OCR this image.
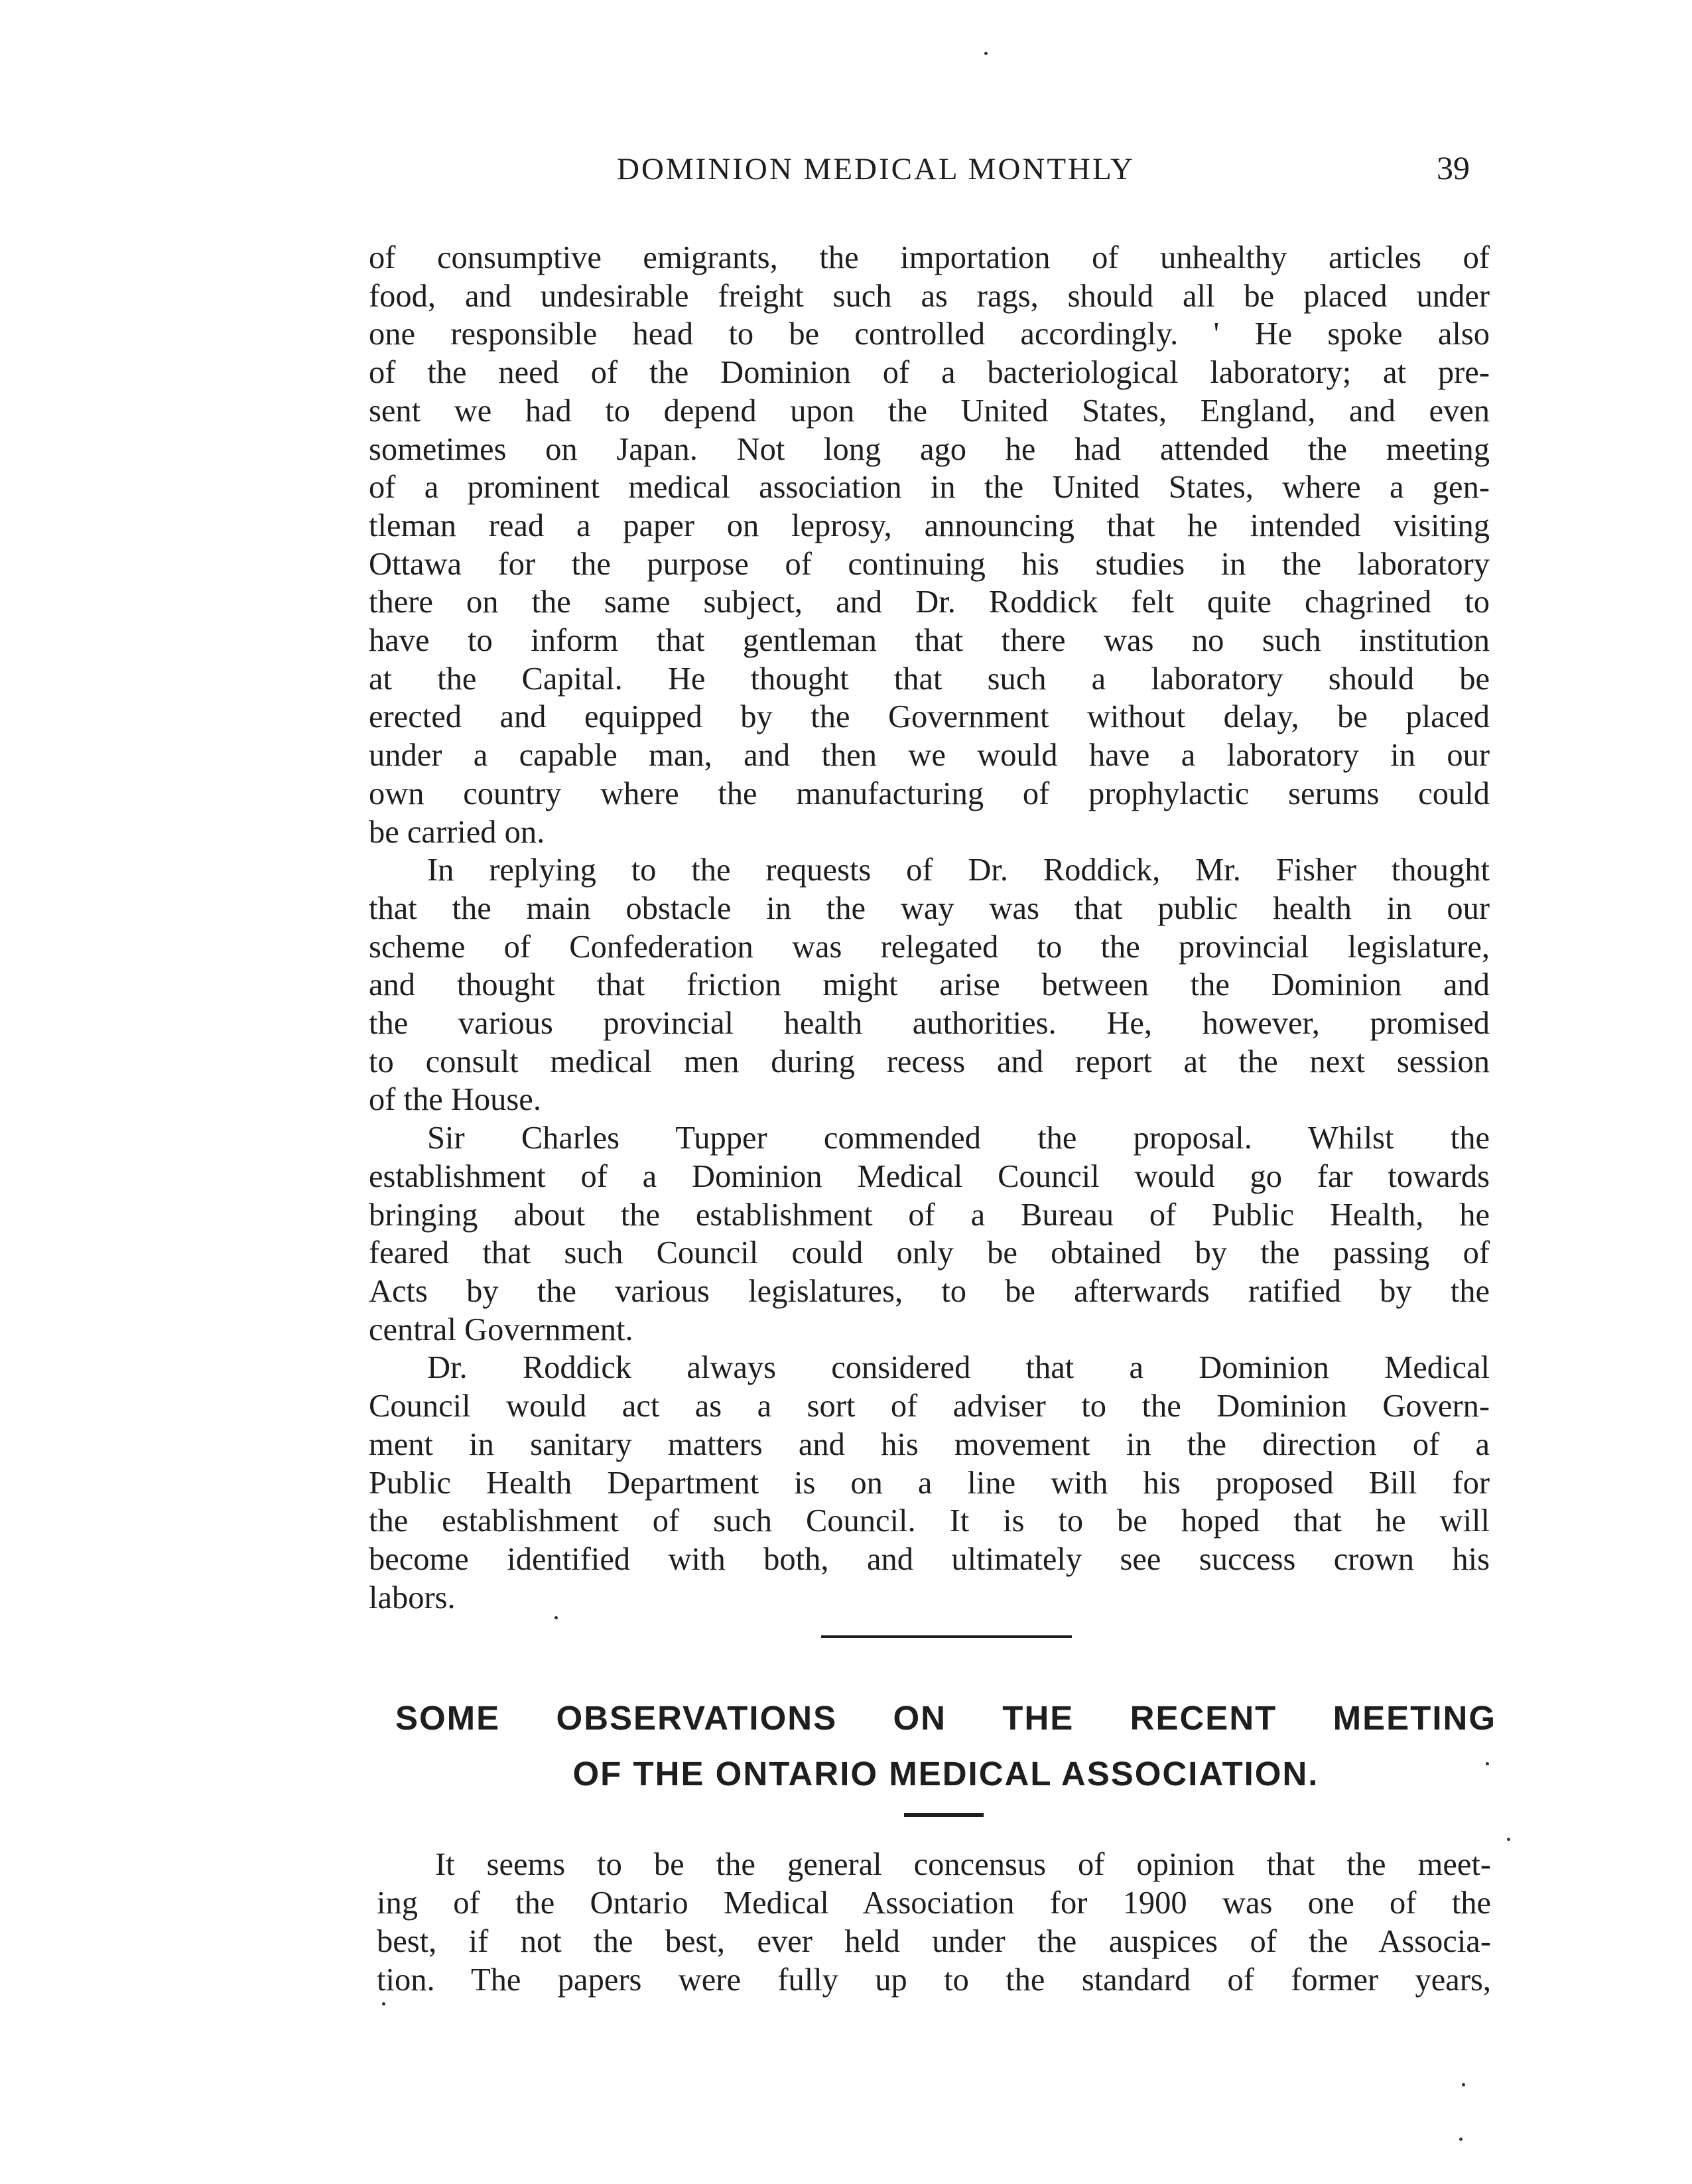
DOMINION MEDICAL MONTHLY	39
of consumptive emigrants, the importation of unhealthy articles of
food, and undesirable freight such as rags, should all be placed under
one responsible head to be controlled accordingly. ' He spoke also
of the need of the Dominion of a bacteriological laboratory; at pre-
sent we had to depend upon the United States, England, and even
sometimes on Japan. Not long ago he had attended the meeting
of a prominent medical association in the United States, where a gen-
tleman read a paper on leprosy, announcing that he intended visiting
Ottawa for the purpose of continuing his studies in the laboratory
there on the same subject, and Dr. Roddick felt quite chagrined to
have to inform that gentleman that there was no such institution
at the Capital. He thought that such a laboratory should be
erected and equipped by the Government without delay, be placed
under a capable man, and then we would have a laboratory in our
own country where the manufacturing of prophylactic serums could
be carried on.
In replying to the requests of Dr. Roddick, Mr. Fisher thought
that the main obstacle in the way was that public health in our
scheme of Confederation was relegated to the provincial legislature,
and thought that friction might arise between the Dominion and
the various provincial health authorities. He, however, promised
to consult medical men during recess and report at the next session
of the House.
Sir Charles Tupper commended the proposal. Whilst the
establishment of a Dominion Medical Council would go far towards
bringing about the establishment of a Bureau of Public Health, he
feared that such Council could only be obtained by the passing of
Acts by the various legislatures, to be afterwards ratified by the
central Government.
Dr. Roddick always considered that a Dominion Medical
Council would act as a sort of adviser to the Dominion Govern-
ment in sanitary matters and his movement in the direction of a
Public Health Department is on a line with his proposed Bill for
the establishment of such Council. It is to be hoped that he will
become identified with both, and ultimately see success crown his
labors.
SOME OBSERVATIONS ON THE RECENT MEETING
OF THE ONTARIO MEDICAL ASSOCIATION.
It seems to be the general concensus of opinion that the meet-
ing of the Ontario Medical Association for 1900 was one of the
best, if not the best, ever held under the auspices of the Associa-
tion. The papers were fully up to the standard of former years,
